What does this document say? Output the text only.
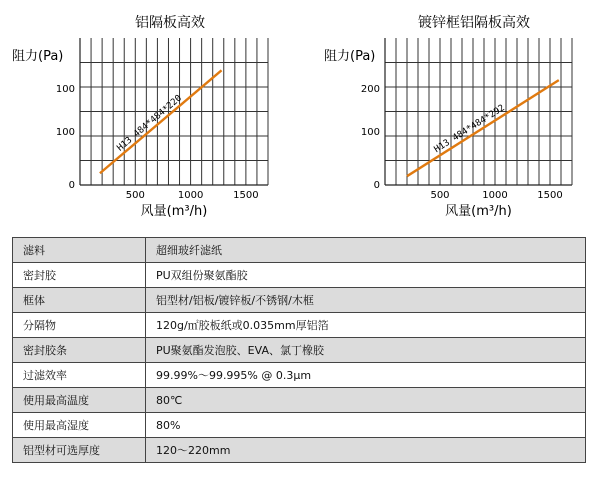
铝隔板高效
阻力(Pa)
风量(m³/h)
500	1000	1500
0
100
100
H13 484*484*220
镀锌框铝隔板高效
阻力(Pa)
风量(m³/h)
500	1000	1500
0
100
200
H13 484*484*292
滤料	超细玻纤滤纸
密封胶	PU双组份聚氨酯胶
框体	铝型材/铝板/镀锌板/不锈钢/木框
分隔物	120g/㎡胶板纸或0.035mm厚铝箔
密封胶条	PU聚氨酯发泡胶、EVA、氯丁橡胶
过滤效率	99.99%～99.995% @ 0.3μm
使用最高温度	80℃
使用最高湿度	80%
铝型材可选厚度	120～220mm
